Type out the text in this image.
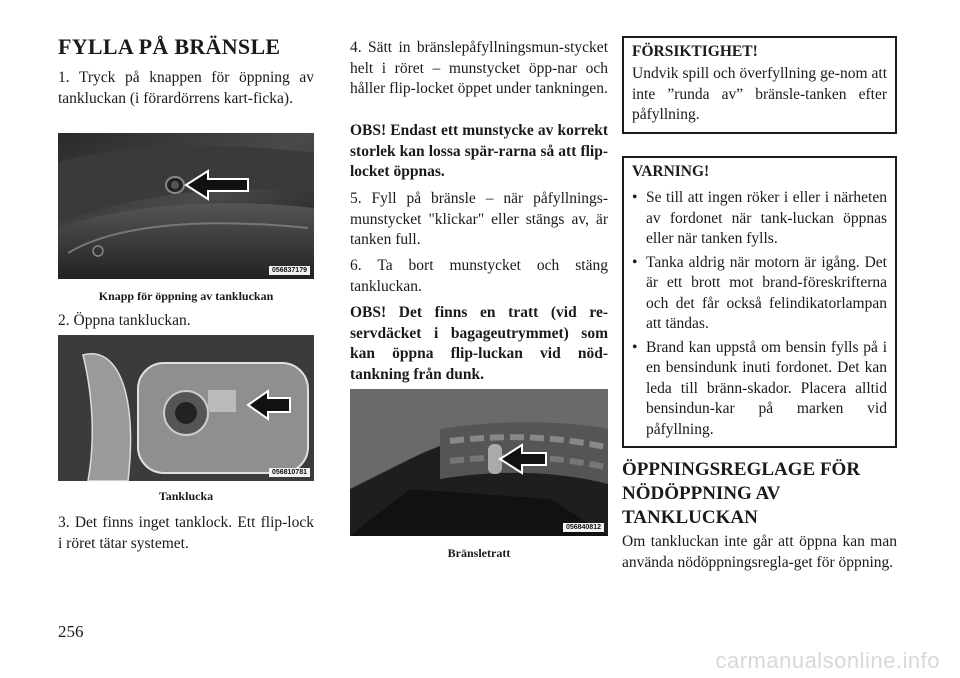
FYLLA PÅ BRÄNSLE

1. Tryck på knappen för öppning av tankluckan (i förardörrens kart-ficka).

056837179
Knapp för öppning av tankluckan

2. Öppna tankluckan.

056810781
Tanklucka

3. Det finns inget tanklock. Ett flip-lock i röret tätar systemet.

4. Sätt in bränslepåfyllningsmun-stycket helt i röret – munstycket öpp-nar och håller flip-locket öppet under tankningen.

OBS! Endast ett munstycke av korrekt storlek kan lossa spär-rarna så att flip-locket öppnas.

5. Fyll på bränsle – när påfyllnings-munstycket "klickar" eller stängs av, är tanken full.

6. Ta bort munstycket och stäng tankluckan.

OBS! Det finns en tratt (vid re-servdäcket i bagageutrymmet) som kan öppna flip-luckan vid nöd-tankning från dunk.

056840812
Bränsletratt
FÖRSIKTIGHET!

Undvik spill och överfyllning ge-nom att inte ”runda av” bränsle-tanken efter påfyllning.

VARNING!
• Se till att ingen röker i eller i närheten av fordonet när tank-luckan öppnas eller när tanken fylls.
• Tanka aldrig när motorn är igång. Det är ett brott mot brand-föreskrifterna och det får också felindikatorlampan att tändas.
• Brand kan uppstå om bensin fylls på i en bensindunk inuti fordonet. Det kan leda till bränn-skador. Placera alltid bensindun-kar på marken vid påfyllning.
ÖPPNINGSREGLAGE FÖR NÖDÖPPNING AV TANKLUCKAN

Om tankluckan inte går att öppna kan man använda nödöppningsregla-get för öppning.

256
carmanualsonline.info
